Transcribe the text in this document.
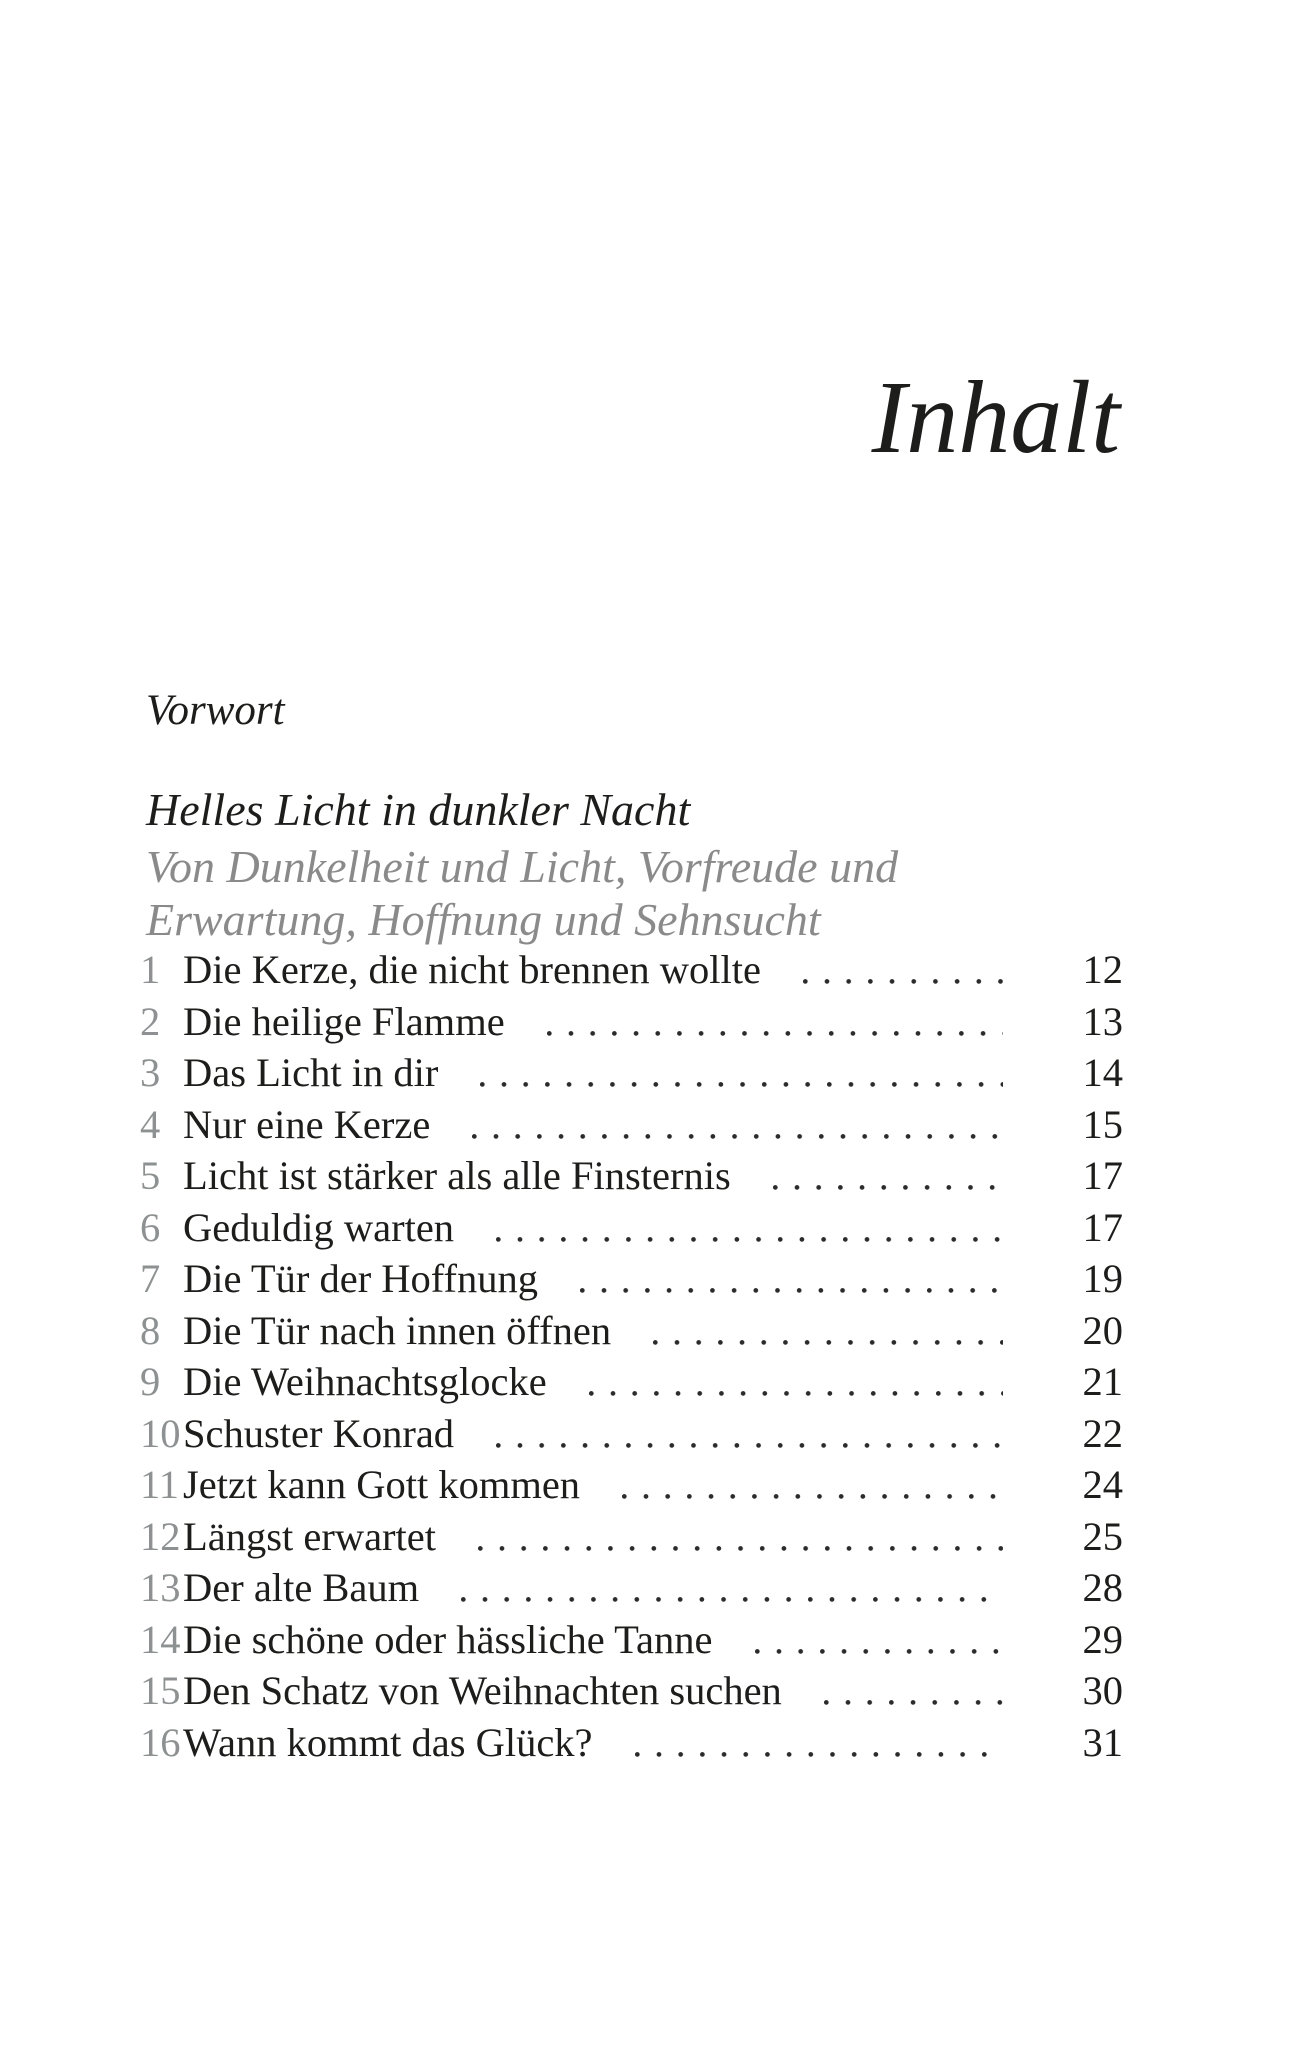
Inhalt
Vorwort
Helles Licht in dunkler Nacht
Von Dunkelheit und Licht, Vorfreude und
Erwartung, Hoffnung und Sehnsucht
1 Die Kerze, die nicht brennen wollte	12
2 Die heilige Flamme	13
3 Das Licht in dir	14
4 Nur eine Kerze	15
5 Licht ist stärker als alle Finsternis	17
6 Geduldig warten	17
7 Die Tür der Hoffnung	19
8 Die Tür nach innen öffnen	20
9 Die Weihnachtsglocke	21
10 Schuster Konrad	22
11 Jetzt kann Gott kommen	24
12 Längst erwartet	25
13 Der alte Baum	28
14 Die schöne oder hässliche Tanne	29
15 Den Schatz von Weihnachten suchen	30
16 Wann kommt das Glück?	31
